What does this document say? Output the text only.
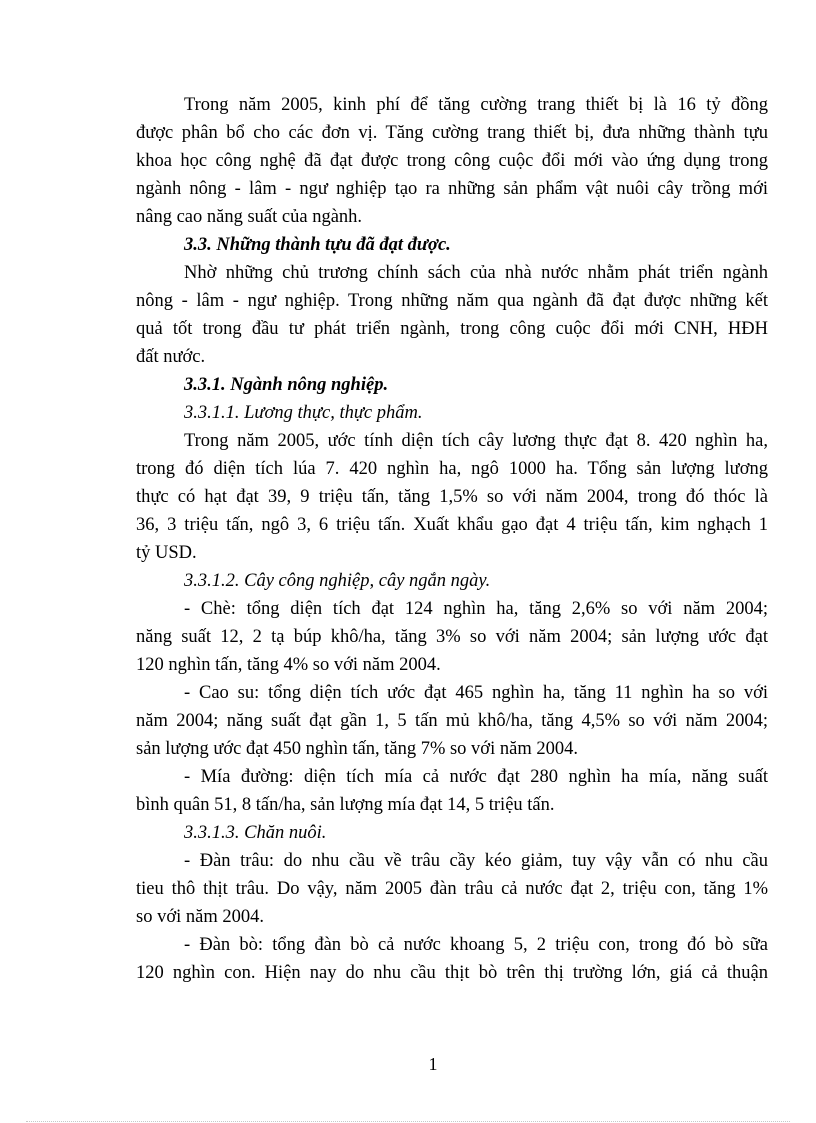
Trong năm 2005, kinh phí để tăng cường trang thiết bị là 16 tỷ đồng
được phân bổ cho các đơn vị. Tăng cường trang thiết bị, đưa những thành tựu
khoa học công nghệ đã đạt được trong công cuộc đổi mới vào ứng dụng trong
ngành nông - lâm - ngư nghiệp tạo ra những sản phẩm vật nuôi cây trồng mới
nâng cao năng suất của ngành.
3.3. Những thành tựu đã đạt được.
Nhờ những chủ trương chính sách của nhà nước nhằm phát triển ngành
nông - lâm - ngư nghiệp. Trong những năm qua ngành đã đạt được những kết
quả tốt trong đầu tư phát triển ngành, trong công cuộc đổi mới CNH, HĐH
đất nước.
3.3.1. Ngành nông nghiệp.
3.3.1.1. Lương thực, thực phẩm.
Trong năm 2005, ước tính diện tích cây lương thực đạt 8. 420 nghìn ha,
trong đó diện tích lúa 7. 420 nghìn ha, ngô 1000 ha. Tổng sản lượng lương
thực có hạt đạt 39, 9 triệu tấn, tăng 1,5% so với năm 2004, trong đó thóc là
36, 3 triệu tấn, ngô 3, 6 triệu tấn. Xuất khẩu gạo đạt 4 triệu tấn, kim nghạch 1
tỷ USD.
3.3.1.2. Cây công nghiệp, cây ngắn ngày.
- Chè: tổng diện tích đạt 124 nghìn ha, tăng 2,6% so với năm 2004;
năng suất 12, 2 tạ búp khô/ha, tăng 3% so với năm 2004; sản lượng ước đạt
120 nghìn tấn, tăng 4% so với năm 2004.
- Cao su: tổng diện tích ước đạt 465 nghìn ha, tăng 11 nghìn ha so với
năm 2004; năng suất đạt gần 1, 5 tấn mủ khô/ha, tăng 4,5% so với năm 2004;
sản lượng ước đạt 450 nghìn tấn, tăng 7% so với năm 2004.
- Mía đường: diện tích mía cả nước đạt 280 nghìn ha mía, năng suất
bình quân 51, 8 tấn/ha, sản lượng mía đạt 14, 5 triệu tấn.
3.3.1.3. Chăn nuôi.
- Đàn trâu: do nhu cầu về trâu cầy kéo giảm, tuy vậy vẫn có nhu cầu
tieu thô thịt trâu. Do vậy, năm 2005 đàn trâu cả nước đạt 2, triệu con, tăng 1%
so với năm 2004.
- Đàn bò: tổng đàn bò cả nước khoang 5, 2 triệu con, trong đó bò sữa
120 nghìn con. Hiện nay do nhu cầu thịt bò trên thị trường lớn, giá cả thuận
1
